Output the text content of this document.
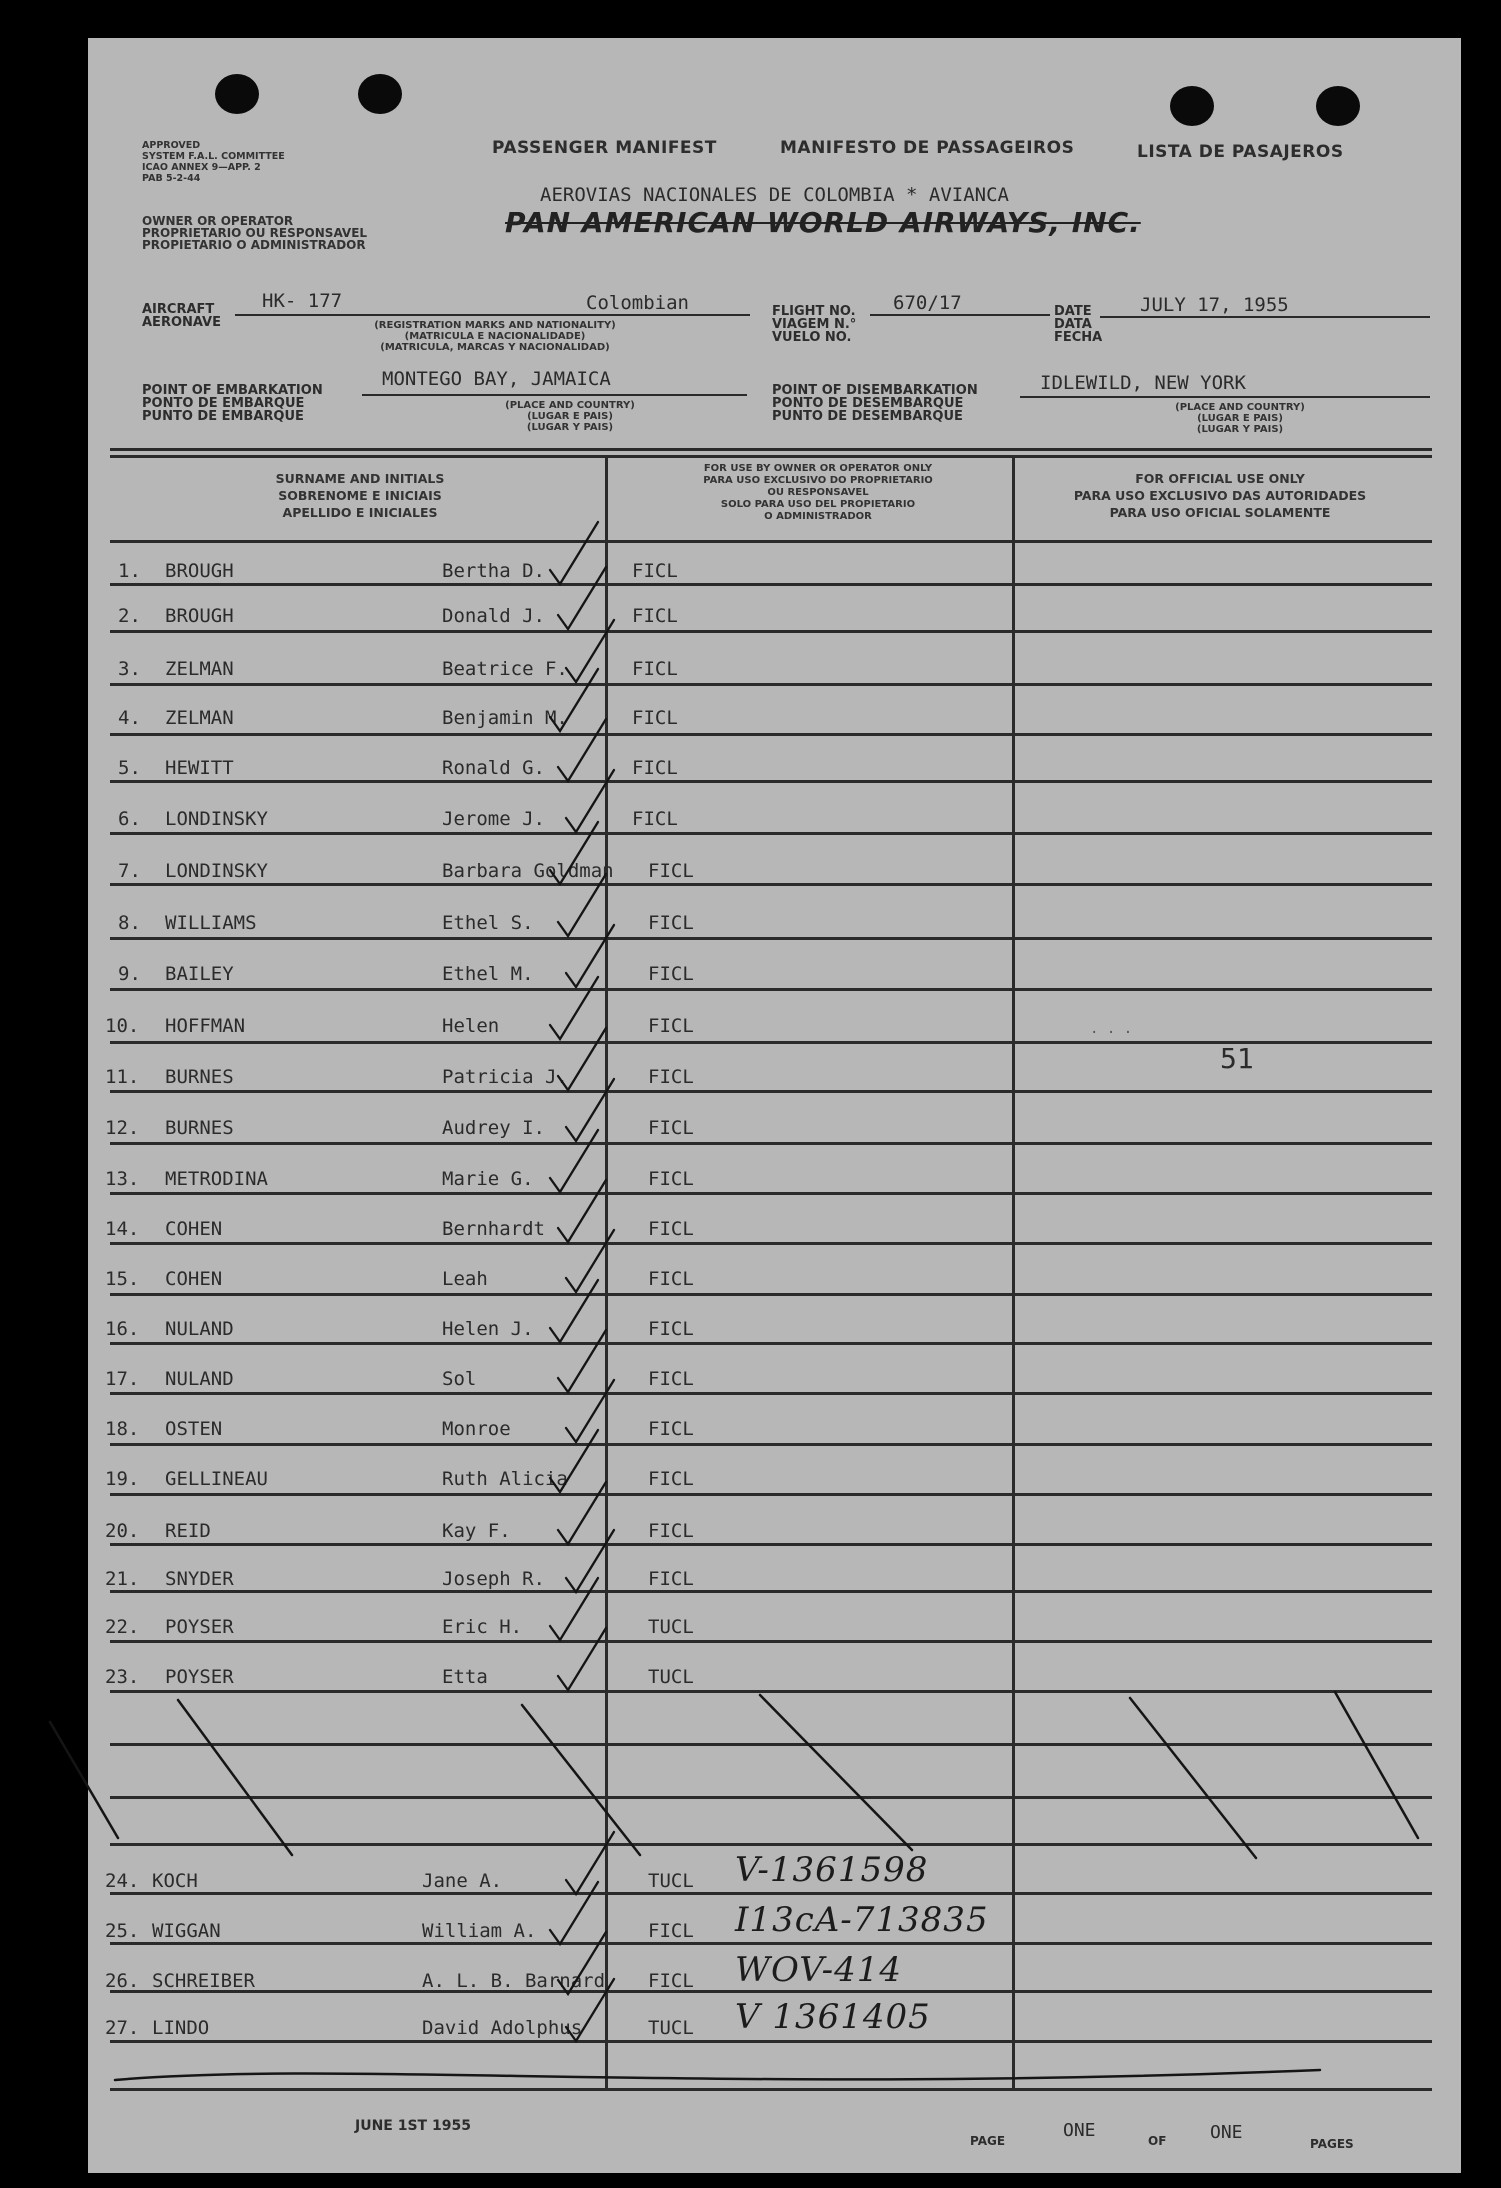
APPROVED
SYSTEM F.A.L. COMMITTEE
ICAO ANNEX 9—APP. 2
PAB 5-2-44
OWNER OR OPERATOR
PROPRIETARIO OU RESPONSAVEL
PROPIETARIO O ADMINISTRADOR
PASSENGER MANIFEST	MANIFESTO DE PASSAGEIROS	LISTA DE PASAJEROS
AEROVIAS NACIONALES DE COLOMBIA * AVIANCA
PAN AMERICAN WORLD AIRWAYS, INC.
AIRCRAFT
AERONAVE
HK- 177	Colombian
(REGISTRATION MARKS AND NATIONALITY)
(MATRICULA E NACIONALIDADE)
(MATRICULA, MARCAS Y NACIONALIDAD)
FLIGHT NO.
VIAGEM N.°
VUELO NO.
670/17	DATE
DATA
FECHA
JULY 17, 1955
POINT OF EMBARKATION
PONTO DE EMBARQUE
PUNTO DE EMBARQUE
MONTEGO BAY, JAMAICA
(PLACE AND COUNTRY)
(LUGAR E PAIS)
(LUGAR Y PAIS)
POINT OF DISEMBARKATION
PONTO DE DESEMBARQUE
PUNTO DE DESEMBARQUE
IDLEWILD, NEW YORK
(PLACE AND COUNTRY)
(LUGAR E PAIS)
(LUGAR Y PAIS)
SURNAME AND INITIALS
SOBRENOME E INICIAIS
APELLIDO E INICIALES
FOR USE BY OWNER OR OPERATOR ONLY
PARA USO EXCLUSIVO DO PROPRIETARIO
OU RESPONSAVEL
SOLO PARA USO DEL PROPIETARIO
O ADMINISTRADOR
FOR OFFICIAL USE ONLY
PARA USO EXCLUSIVO DAS AUTORIDADES
PARA USO OFICIAL SOLAMENTE
1. BROUGH	Bertha D.	FICL
2. BROUGH	Donald J.	FICL
3. ZELMAN	Beatrice F.	FICL
4. ZELMAN	Benjamin M.	FICL
5. HEWITT	Ronald G.	FICL
6. LONDINSKY	Jerome J.	FICL
7. LONDINSKY	Barbara Goldman FICL
8. WILLIAMS	Ethel S.	FICL
9. BAILEY	Ethel M.	FICL
10. HOFFMAN	Helen	FICL
11. BURNES	Patricia J.	FICL
12. BURNES	Audrey I.	FICL
13. METRODINA	Marie G.	FICL
14. COHEN	Bernhardt	FICL
15. COHEN	Leah	FICL
16. NULAND	Helen J.	FICL
17. NULAND	Sol	FICL
18. OSTEN	Monroe	FICL
19. GELLINEAU	Ruth Alicia	FICL
20. REID	Kay F.	FICL
21. SNYDER	Joseph R.	FICL
22. POYSER	Eric H.	TUCL
23. POYSER	Etta	TUCL
24. KOCH	Jane A.	TUCL V-1361598
25. WIGGAN	William A.	FICL I13cA-713835
26. SCHREIBER	A. L. B. Barnard FICL WOV-414
27. LINDO	David Adolphus	TUCL V 1361405
· · ·
51
JUNE 1ST 1955
PAGE	ONE	OF ONE
PAGES
